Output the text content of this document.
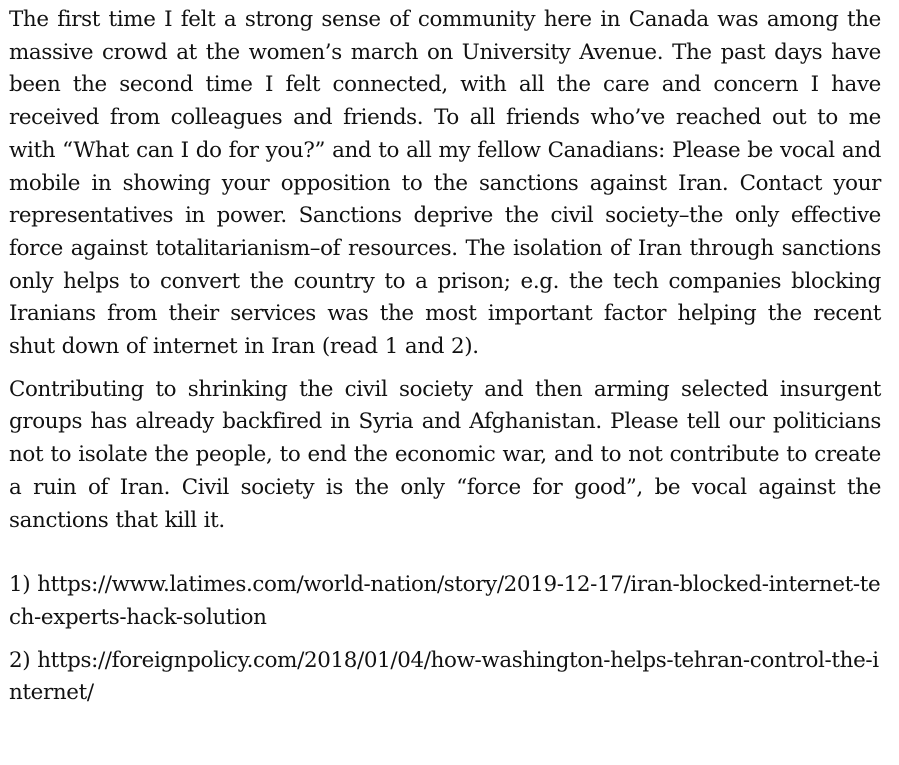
The first time I felt a strong sense of community here in Canada was among the massive crowd at the women’s march on University Avenue. The past days have been the second time I felt connected, with all the care and concern I have received from colleagues and friends. To all friends who’ve reached out to me with “What can I do for you?” and to all my fellow Canadians: Please be vocal and mobile in showing your opposition to the sanctions against Iran. Contact your representatives in power. Sanctions deprive the civil society–the only effective force against totalitarianism–of resources. The isolation of Iran through sanctions only helps to convert the country to a prison; e.g. the tech companies blocking Iranians from their services was the most important factor helping the recent shut down of internet in Iran (read 1 and 2).

Contributing to shrinking the civil society and then arming selected insurgent groups has already backfired in Syria and Afghanistan. Please tell our politicians not to isolate the people, to end the economic war, and to not contribute to create a ruin of Iran. Civil society is the only “force for good”, be vocal against the sanctions that kill it.

1) https://www.latimes.com/world-nation/story/2019-12-17/iran-blocked-internet-tech-experts-hack-solution

2) https://foreignpolicy.com/2018/01/04/how-washington-helps-tehran-control-the-internet/
